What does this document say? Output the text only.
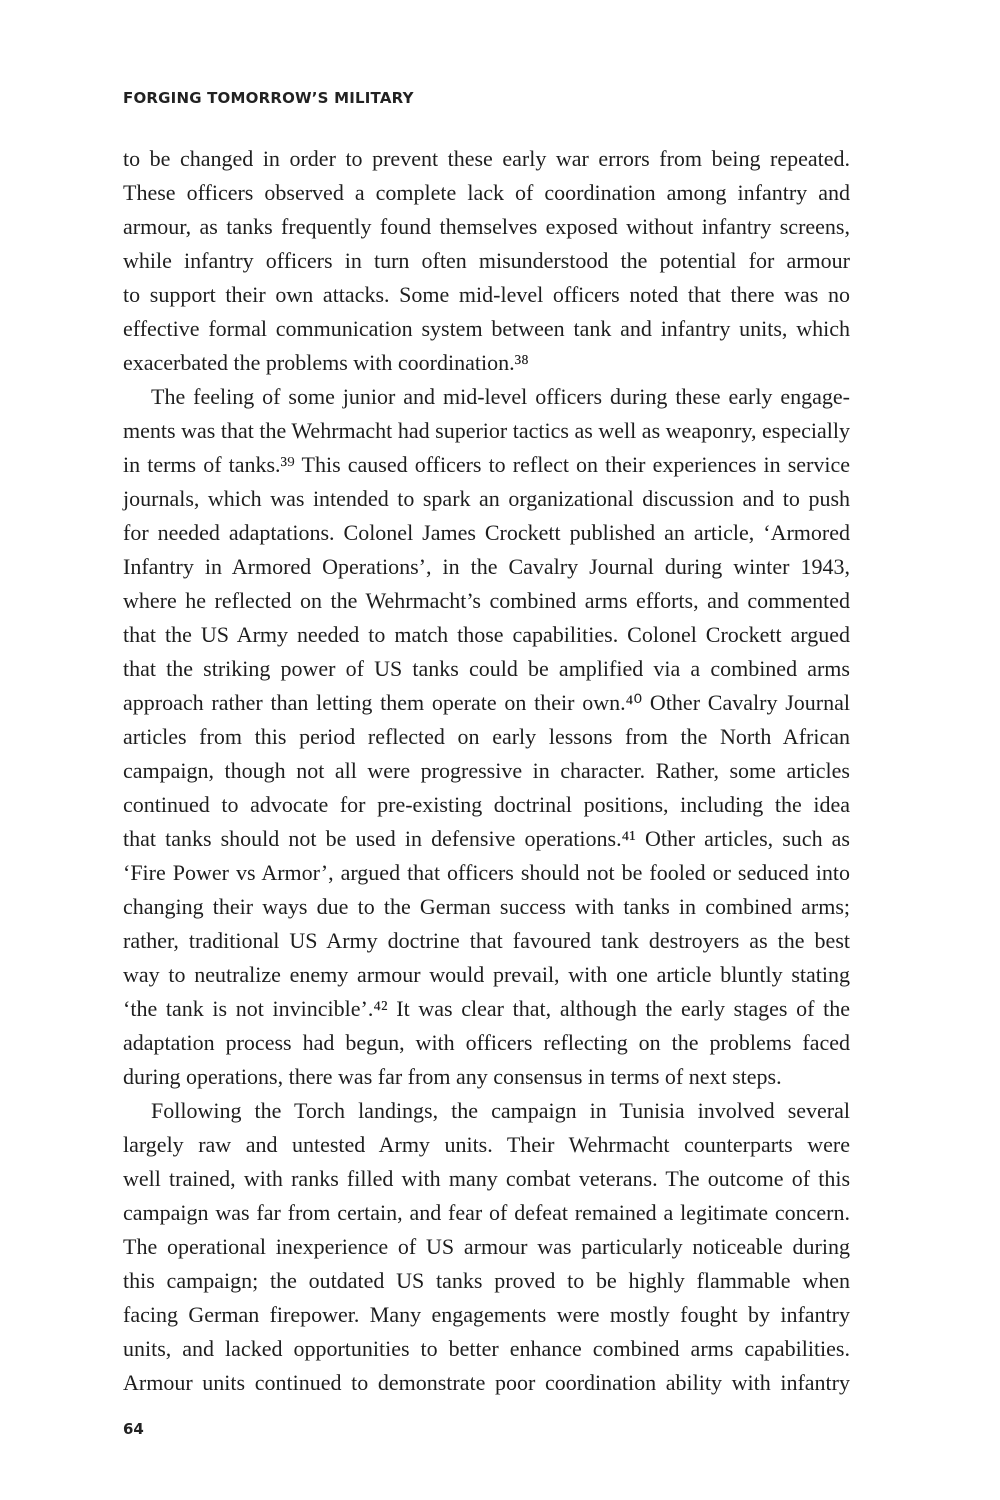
FORGING TOMORROW’S MILITARY
to be changed in order to prevent these early war errors from being repeated.
These officers observed a complete lack of coordination among infantry and
armour, as tanks frequently found themselves exposed without infantry screens,
while infantry officers in turn often misunderstood the potential for armour
to support their own attacks. Some mid-level officers noted that there was no
effective formal communication system between tank and infantry units, which
exacerbated the problems with coordination.³⁸
The feeling of some junior and mid-level officers during these early engage-
ments was that the Wehrmacht had superior tactics as well as weaponry, especially
in terms of tanks.³⁹ This caused officers to reflect on their experiences in service
journals, which was intended to spark an organizational discussion and to push
for needed adaptations. Colonel James Crockett published an article, ‘Armored
Infantry in Armored Operations’, in the Cavalry Journal during winter 1943,
where he reflected on the Wehrmacht’s combined arms efforts, and commented
that the US Army needed to match those capabilities. Colonel Crockett argued
that the striking power of US tanks could be amplified via a combined arms
approach rather than letting them operate on their own.⁴⁰ Other Cavalry Journal
articles from this period reflected on early lessons from the North African
campaign, though not all were progressive in character. Rather, some articles
continued to advocate for pre-existing doctrinal positions, including the idea
that tanks should not be used in defensive operations.⁴¹ Other articles, such as
‘Fire Power vs Armor’, argued that officers should not be fooled or seduced into
changing their ways due to the German success with tanks in combined arms;
rather, traditional US Army doctrine that favoured tank destroyers as the best
way to neutralize enemy armour would prevail, with one article bluntly stating
‘the tank is not invincible’.⁴² It was clear that, although the early stages of the
adaptation process had begun, with officers reflecting on the problems faced
during operations, there was far from any consensus in terms of next steps.
Following the Torch landings, the campaign in Tunisia involved several
largely raw and untested Army units. Their Wehrmacht counterparts were
well trained, with ranks filled with many combat veterans. The outcome of this
campaign was far from certain, and fear of defeat remained a legitimate concern.
The operational inexperience of US armour was particularly noticeable during
this campaign; the outdated US tanks proved to be highly flammable when
facing German firepower. Many engagements were mostly fought by infantry
units, and lacked opportunities to better enhance combined arms capabilities.
Armour units continued to demonstrate poor coordination ability with infantry
64
